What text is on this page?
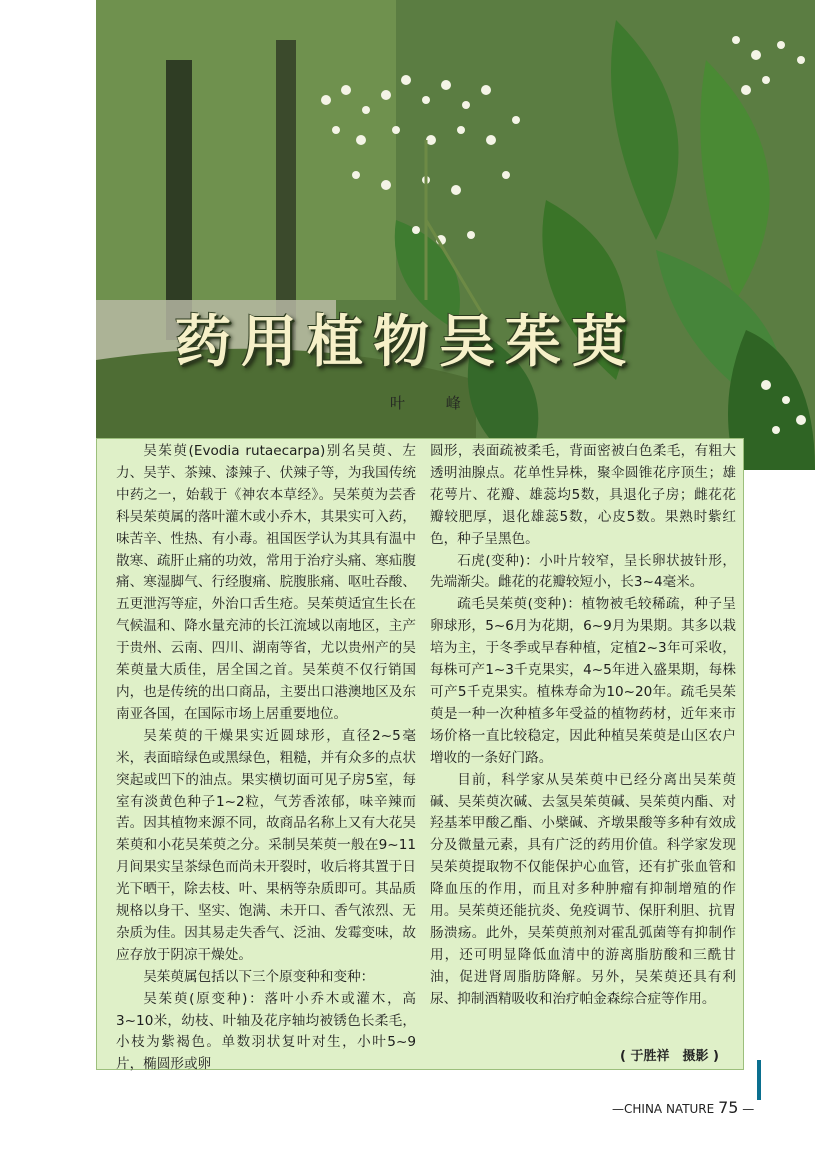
药用植物吴茱萸
叶 峰

吴茱萸(Evodia rutaecarpa)别名吴萸、左力、吴芋、茶辣、漆辣子、伏辣子等，为我国传统中药之一，始载于《神农本草经》。吴茱萸为芸香科吴茱萸属的落叶灌木或小乔木，其果实可入药，味苦辛、性热、有小毒。祖国医学认为其具有温中散寒、疏肝止痛的功效，常用于治疗头痛、寒疝腹痛、寒湿脚气、行经腹痛、脘腹胀痛、呕吐吞酸、五更泄泻等症，外治口舌生疮。吴茱萸适宜生长在气候温和、降水量充沛的长江流域以南地区，主产于贵州、云南、四川、湖南等省，尤以贵州产的吴茱萸量大质佳，居全国之首。吴茱萸不仅行销国内，也是传统的出口商品，主要出口港澳地区及东南亚各国，在国际市场上居重要地位。

吴茱萸的干燥果实近圆球形，直径2~5毫米，表面暗绿色或黑绿色，粗糙，并有众多的点状突起或凹下的油点。果实横切面可见子房5室，每室有淡黄色种子1~2粒，气芳香浓郁，味辛辣而苦。因其植物来源不同，故商品名称上又有大花吴茱萸和小花吴茱萸之分。采制吴茱萸一般在9~11月间果实呈茶绿色而尚未开裂时，收后将其置于日光下晒干，除去枝、叶、果柄等杂质即可。其品质规格以身干、坚实、饱满、未开口、香气浓烈、无杂质为佳。因其易走失香气、泛油、发霉变味，故应存放于阴凉干燥处。

吴茱萸属包括以下三个原变种和变种：

吴茱萸(原变种)：落叶小乔木或灌木，高3~10米，幼枝、叶轴及花序轴均被锈色长柔毛，小枝为紫褐色。单数羽状复叶对生，小叶5~9片，椭圆形或卵

圆形，表面疏被柔毛，背面密被白色柔毛，有粗大透明油腺点。花单性异株，聚伞圆锥花序顶生；雄花萼片、花瓣、雄蕊均5数，具退化子房；雌花花瓣较肥厚，退化雄蕊5数，心皮5数。果熟时紫红色，种子呈黑色。

石虎(变种)：小叶片较窄，呈长卵状披针形，先端渐尖。雌花的花瓣较短小，长3~4毫米。

疏毛吴茱萸(变种)：植物被毛较稀疏，种子呈卵球形，5~6月为花期，6~9月为果期。其多以栽培为主，于冬季或早春种植，定植2~3年可采收，每株可产1~3千克果实，4~5年进入盛果期，每株可产5千克果实。植株寿命为10~20年。疏毛吴茱萸是一种一次种植多年受益的植物药材，近年来市场价格一直比较稳定，因此种植吴茱萸是山区农户增收的一条好门路。

目前，科学家从吴茱萸中已经分离出吴茱萸碱、吴茱萸次碱、去氢吴茱萸碱、吴茱萸内酯、对羟基苯甲酸乙酯、小檗碱、齐墩果酸等多种有效成分及微量元素，具有广泛的药用价值。科学家发现吴茱萸提取物不仅能保护心血管，还有扩张血管和降血压的作用，而且对多种肿瘤有抑制增殖的作用。吴茱萸还能抗炎、免疫调节、保肝利胆、抗胃肠溃疡。此外，吴茱萸煎剂对霍乱弧菌等有抑制作用，还可明显降低血清中的游离脂肪酸和三酰甘油，促进肾周脂肪降解。另外，吴茱萸还具有利尿、抑制酒精吸收和治疗帕金森综合症等作用。

( 于胜祥　摄影 )
—CHINA NATURE 75 —
